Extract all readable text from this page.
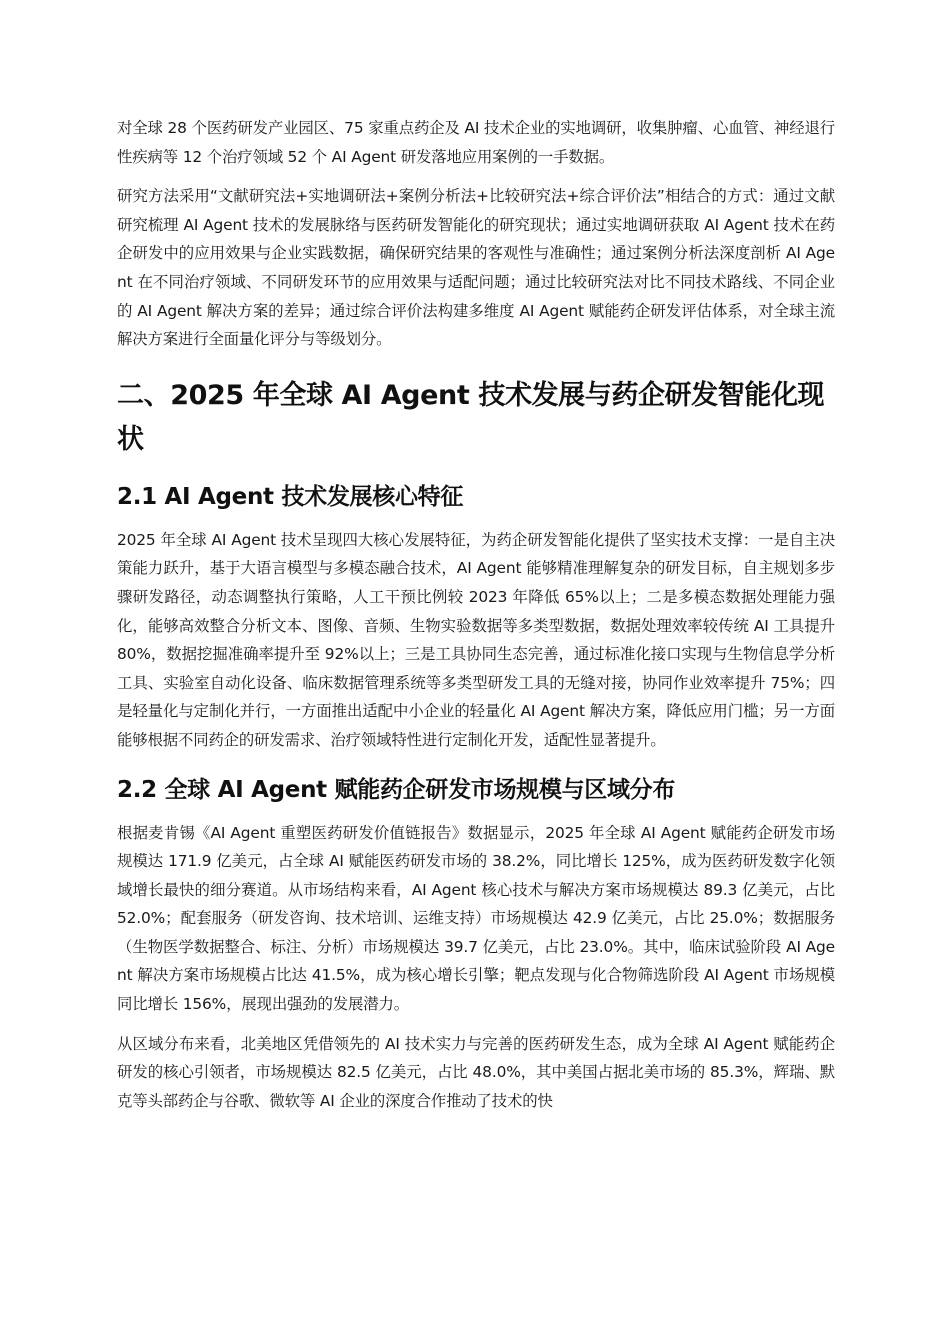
对全球 28 个医药研发产业园区、75 家重点药企及 AI 技术企业的实地调研，收集肿瘤、心血管、神经退行性疾病等 12 个治疗领域 52 个 AI Agent 研发落地应用案例的一手数据。

研究方法采用“文献研究法+实地调研法+案例分析法+比较研究法+综合评价法”相结合的方式：通过文献研究梳理 AI Agent 技术的发展脉络与医药研发智能化的研究现状；通过实地调研获取 AI Agent 技术在药企研发中的应用效果与企业实践数据，确保研究结果的客观性与准确性；通过案例分析法深度剖析 AI Agent 在不同治疗领域、不同研发环节的应用效果与适配问题；通过比较研究法对比不同技术路线、不同企业的 AI Agent 解决方案的差异；通过综合评价法构建多维度 AI Agent 赋能药企研发评估体系，对全球主流解决方案进行全面量化评分与等级划分。

二、2025 年全球 AI Agent 技术发展与药企研发智能化现状
2.1 AI Agent 技术发展核心特征

2025 年全球 AI Agent 技术呈现四大核心发展特征，为药企研发智能化提供了坚实技术支撑：一是自主决策能力跃升，基于大语言模型与多模态融合技术，AI Agent 能够精准理解复杂的研发目标，自主规划多步骤研发路径，动态调整执行策略，人工干预比例较 2023 年降低 65%以上；二是多模态数据处理能力强化，能够高效整合分析文本、图像、音频、生物实验数据等多类型数据，数据处理效率较传统 AI 工具提升 80%，数据挖掘准确率提升至 92%以上；三是工具协同生态完善，通过标准化接口实现与生物信息学分析工具、实验室自动化设备、临床数据管理系统等多类型研发工具的无缝对接，协同作业效率提升 75%；四是轻量化与定制化并行，一方面推出适配中小企业的轻量化 AI Agent 解决方案，降低应用门槛；另一方面能够根据不同药企的研发需求、治疗领域特性进行定制化开发，适配性显著提升。

2.2 全球 AI Agent 赋能药企研发市场规模与区域分布

根据麦肯锡《AI Agent 重塑医药研发价值链报告》数据显示，2025 年全球 AI Agent 赋能药企研发市场规模达 171.9 亿美元，占全球 AI 赋能医药研发市场的 38.2%，同比增长 125%，成为医药研发数字化领域增长最快的细分赛道。从市场结构来看，AI Agent 核心技术与解决方案市场规模达 89.3 亿美元，占比 52.0%；配套服务（研发咨询、技术培训、运维支持）市场规模达 42.9 亿美元，占比 25.0%；数据服务（生物医学数据整合、标注、分析）市场规模达 39.7 亿美元，占比 23.0%。其中，临床试验阶段 AI Agent 解决方案市场规模占比达 41.5%，成为核心增长引擎；靶点发现与化合物筛选阶段 AI Agent 市场规模同比增长 156%，展现出强劲的发展潜力。

从区域分布来看，北美地区凭借领先的 AI 技术实力与完善的医药研发生态，成为全球 AI Agent 赋能药企研发的核心引领者，市场规模达 82.5 亿美元，占比 48.0%，其中美国占据北美市场的 85.3%，辉瑞、默克等头部药企与谷歌、微软等 AI 企业的深度合作推动了技术的快
